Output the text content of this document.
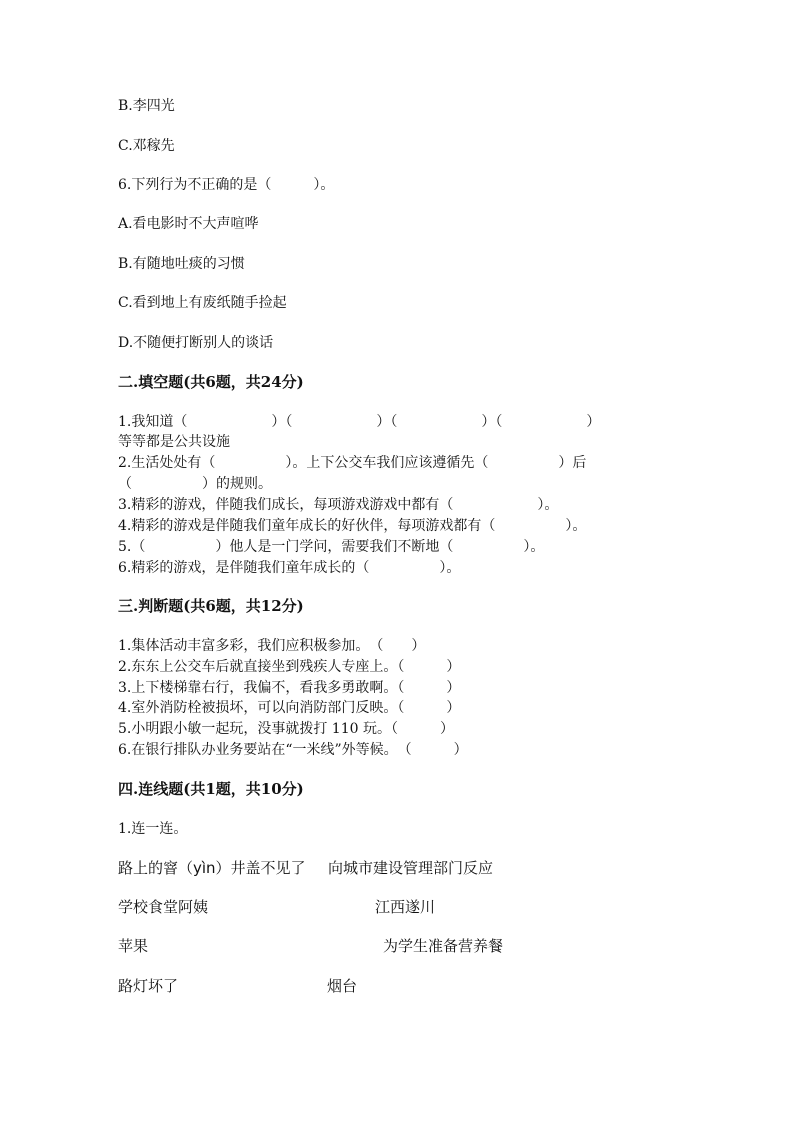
B.李四光
C.邓稼先
6.下列行为不正确的是（　　　）。
A.看电影时不大声喧哗
B.有随地吐痰的习惯
C.看到地上有废纸随手捡起
D.不随便打断别人的谈话
二.填空题(共6题，共24分)
1.我知道（　　　　　　）（　　　　　　）（　　　　　　）（　　　　　　）
等等都是公共设施
2.生活处处有（　　　　　）。上下公交车我们应该遵循先（　　　　　）后
（　　　　　）的规则。
3.精彩的游戏，伴随我们成长，每项游戏游戏中都有（　　　　　　）。
4.精彩的游戏是伴随我们童年成长的好伙伴，每项游戏都有（　　　　　）。
5.（　　　　　）他人是一门学问，需要我们不断地（　　　　　）。
6.精彩的游戏，是伴随我们童年成长的（　　　　　）。
三.判断题(共6题，共12分)
1.集体活动丰富多彩，我们应积极参加。　（　　）
2.东东上公交车后就直接坐到残疾人专座上。（　　　）
3.上下楼梯靠右行，我偏不，看我多勇敢啊。（　　　）
4.室外消防栓被损坏，可以向消防部门反映。（　　　）
5.小明跟小敏一起玩，没事就拨打 110 玩。（　　　）
6.在银行排队办业务要站在“一米线”外等候。　（　　　）
四.连线题(共1题，共10分)
1.连一连。
路上的窨（yìn）井盖不见了 向城市建设管理部门反应
学校食堂阿姨	江西遂川
苹果	为学生准备营养餐
路灯坏了	烟台
